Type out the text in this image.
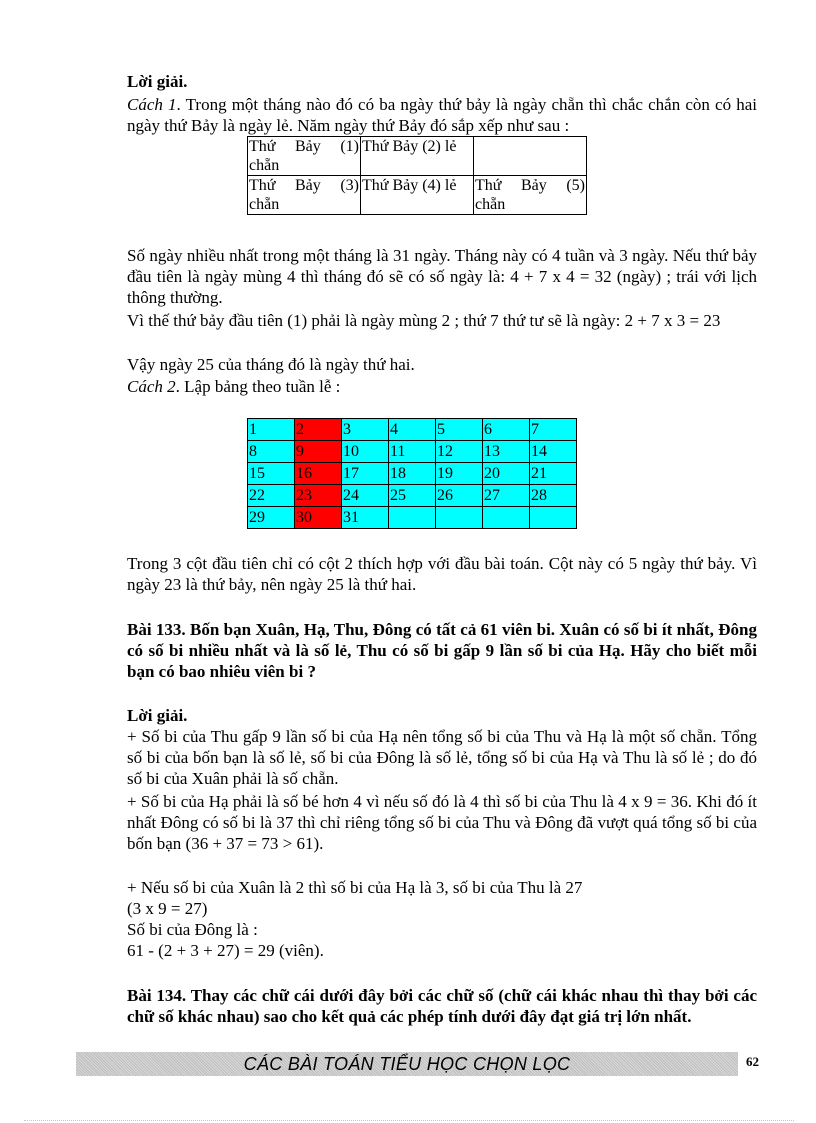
Lời giải.

Cách 1. Trong một tháng nào đó có ba ngày thứ bảy là ngày chẵn thì chắc chắn còn có hai ngày thứ Bảy là ngày lẻ. Năm ngày thứ Bảy đó sắp xếp như sau :

Thứ Bảy (1) chẵn	Thứ Bảy (2) lẻ	
Thứ Bảy (3) chẵn	Thứ Bảy (4) lẻ	Thứ Bảy (5) chẵn

Số ngày nhiều nhất trong một tháng là 31 ngày. Tháng này có 4 tuần và 3 ngày. Nếu thứ bảy đầu tiên là ngày mùng 4 thì tháng đó sẽ có số ngày là: 4 + 7 x 4 = 32 (ngày) ; trái với lịch thông thường.

Vì thế thứ bảy đầu tiên (1) phải là ngày mùng 2 ; thứ 7 thứ tư sẽ là ngày: 2 + 7 x 3 = 23

Vậy ngày 25 của tháng đó là ngày thứ hai.

Cách 2. Lập bảng theo tuần lễ :

1	2	3	4	5	6	7
8	9	10	11	12	13	14
15	16	17	18	19	20	21
22	23	24	25	26	27	28
29	30	31				

Trong 3 cột đầu tiên chỉ có cột 2 thích hợp với đầu bài toán. Cột này có 5 ngày thứ bảy. Vì ngày 23 là thứ bảy, nên ngày 25 là thứ hai.

Bài 133. Bốn bạn Xuân, Hạ, Thu, Đông có tất cả 61 viên bi. Xuân có số bi ít nhất, Đông có số bi nhiều nhất và là số lẻ, Thu có số bi gấp 9 lần số bi của Hạ. Hãy cho biết mỗi bạn có bao nhiêu viên bi ?

Lời giải.

+ Số bi của Thu gấp 9 lần số bi của Hạ nên tổng số bi của Thu và Hạ là một số chẵn. Tổng số bi của bốn bạn là số lẻ, số bi của Đông là số lẻ, tổng số bi của Hạ và Thu là số lẻ ; do đó số bi của Xuân phải là số chẵn.

+ Số bi của Hạ phải là số bé hơn 4 vì nếu số đó là 4 thì số bi của Thu là 4 x 9 = 36. Khi đó ít nhất Đông có số bi là 37 thì chỉ riêng tổng số bi của Thu và Đông đã vượt quá tổng số bi của bốn bạn (36 + 37 = 73 > 61).

+ Nếu số bi của Xuân là 2 thì số bi của Hạ là 3, số bi của Thu là 27

(3 x 9 = 27)

Số bi của Đông là :

61 - (2 + 3 + 27) = 29 (viên).

Bài 134. Thay các chữ cái dưới đây bởi các chữ số (chữ cái khác nhau thì thay bởi các chữ số khác nhau) sao cho kết quả các phép tính dưới đây đạt giá trị lớn nhất.

CÁC BÀI TOÁN TIỂU HỌC CHỌN LỌC	62
